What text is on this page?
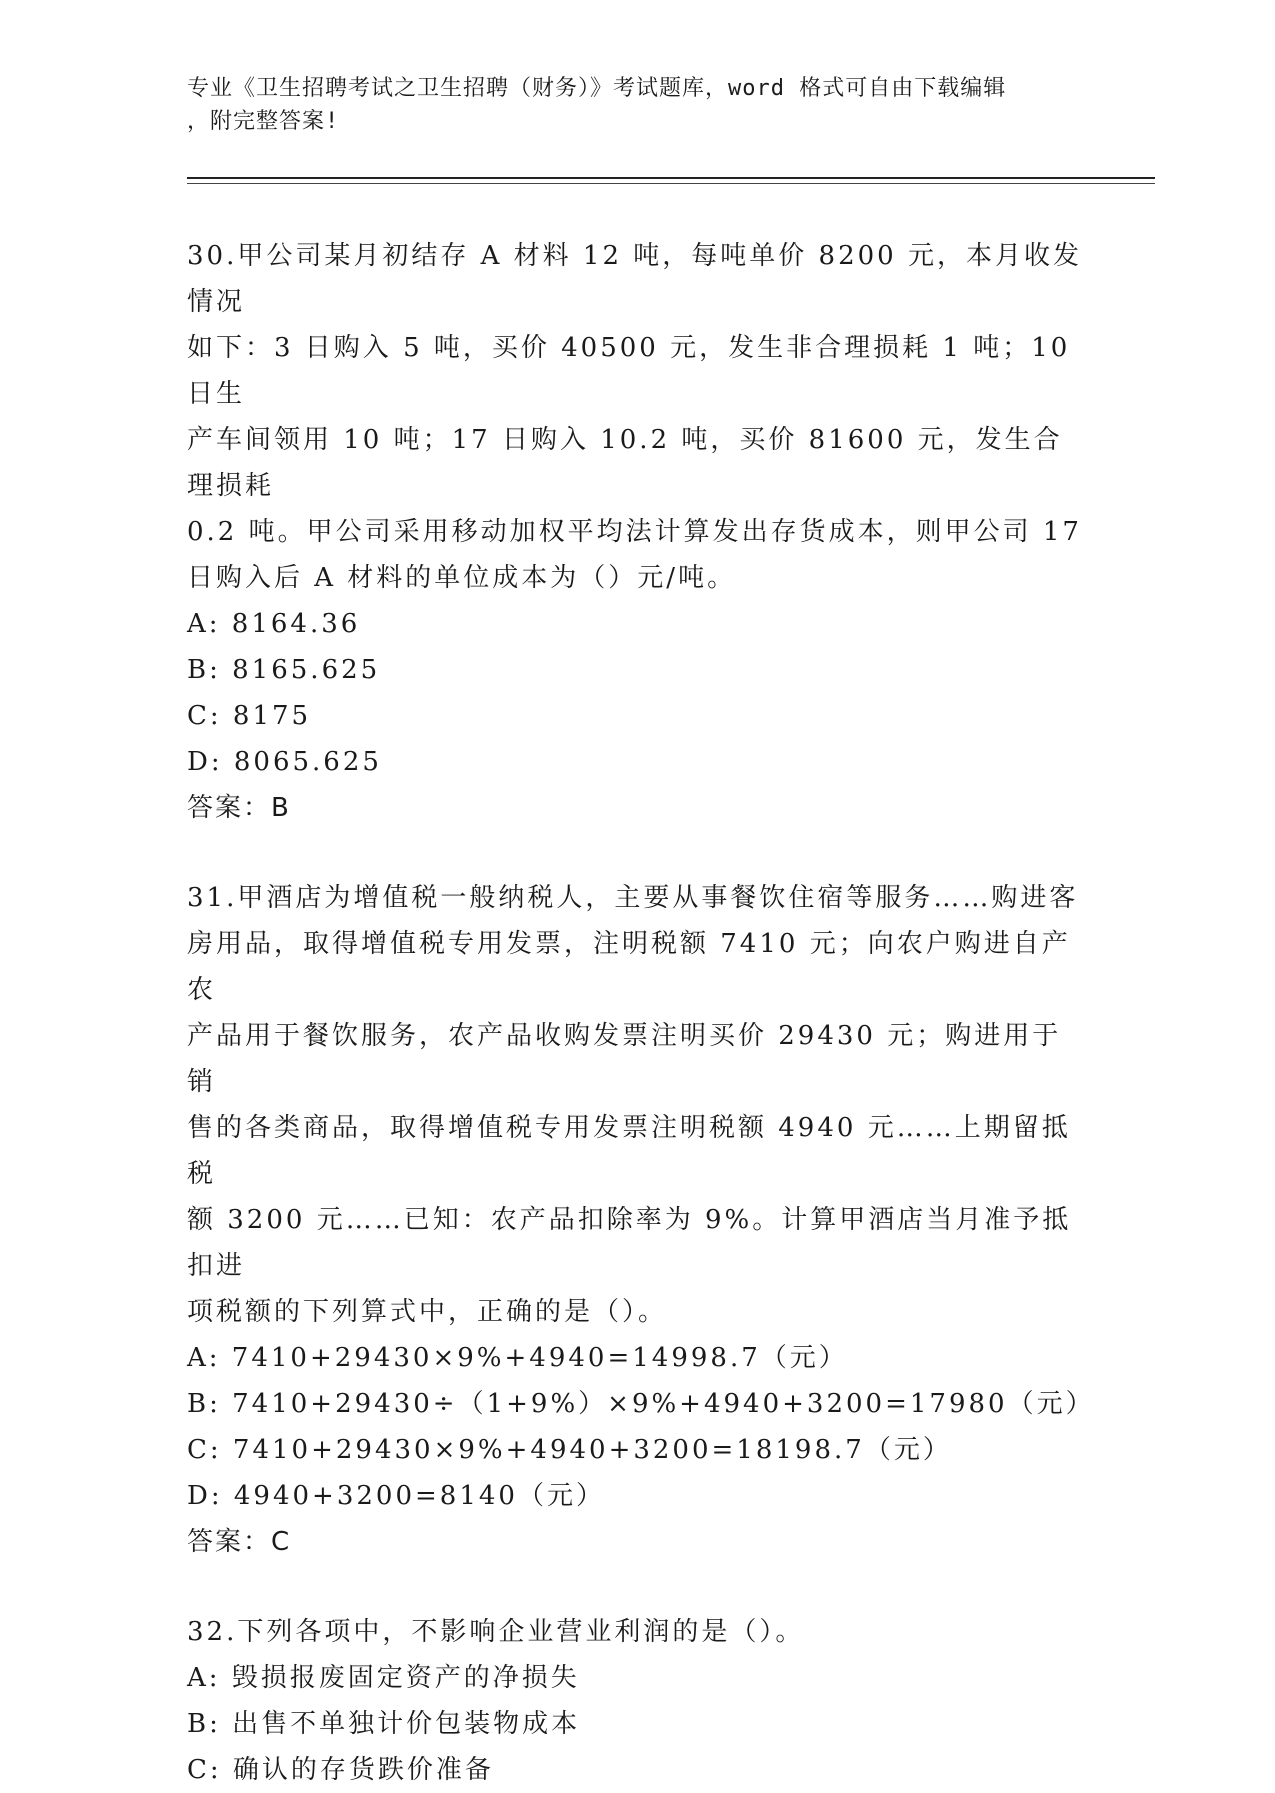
专业《卫生招聘考试之卫生招聘（财务）》考试题库，word 格式可自由下载编辑
，附完整答案!

30.甲公司某月初结存 A 材料 12 吨，每吨单价 8200 元，本月收发情况

如下：3 日购入 5 吨，买价 40500 元，发生非合理损耗 1 吨；10 日生

产车间领用 10 吨；17 日购入 10.2 吨，买价 81600 元，发生合理损耗

0.2 吨。甲公司采用移动加权平均法计算发出存货成本，则甲公司 17

日购入后 A 材料的单位成本为（）元/吨。

A: 8164.36

B: 8165.625

C: 8175

D: 8065.625

答案：B

31.甲酒店为增值税一般纳税人，主要从事餐饮住宿等服务……购进客

房用品，取得增值税专用发票，注明税额 7410 元；向农户购进自产农

产品用于餐饮服务，农产品收购发票注明买价 29430 元；购进用于销

售的各类商品，取得增值税专用发票注明税额 4940 元……上期留抵税

额 3200 元……已知：农产品扣除率为 9%。计算甲酒店当月准予抵扣进

项税额的下列算式中，正确的是（）。

A: 7410+29430×9%+4940=14998.7（元）

B: 7410+29430÷（1+9%）×9%+4940+3200=17980（元）

C: 7410+29430×9%+4940+3200=18198.7（元）

D: 4940+3200=8140（元）

答案：C

32.下列各项中，不影响企业营业利润的是（）。

A: 毁损报废固定资产的净损失

B: 出售不单独计价包装物成本

C: 确认的存货跌价准备
